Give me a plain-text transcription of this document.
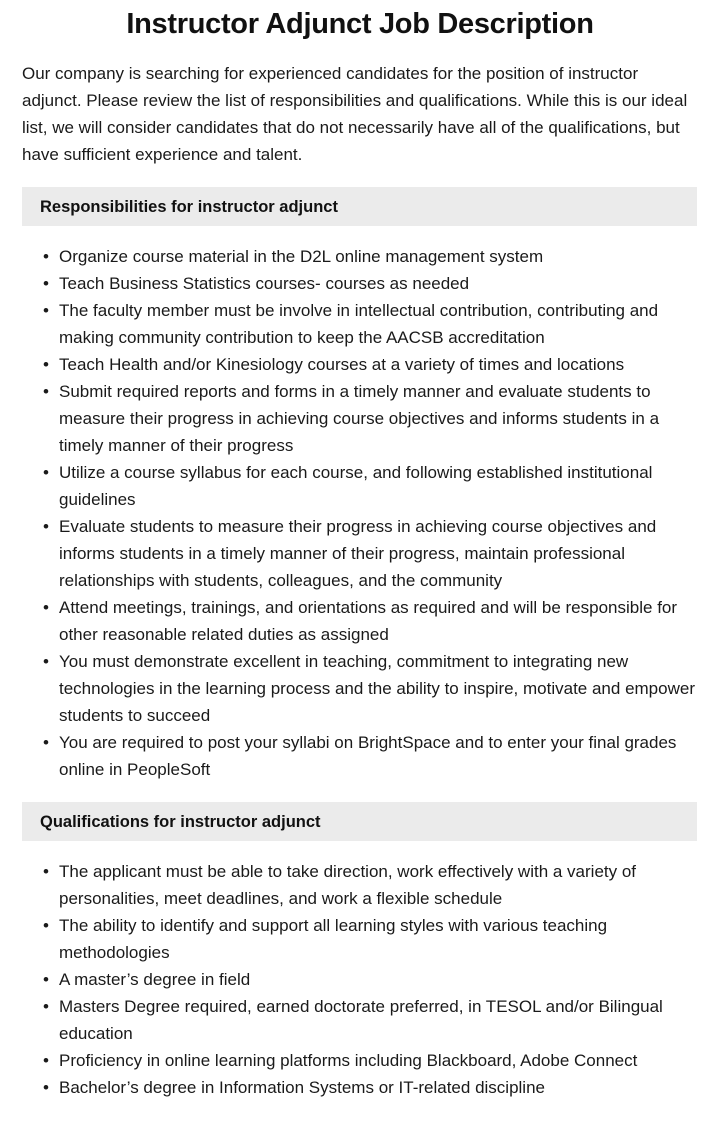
Instructor Adjunct Job Description

Our company is searching for experienced candidates for the position of instructor adjunct. Please review the list of responsibilities and qualifications. While this is our ideal list, we will consider candidates that do not necessarily have all of the qualifications, but have sufficient experience and talent.

Responsibilities for instructor adjunct
• Organize course material in the D2L online management system
• Teach Business Statistics courses- courses as needed
• The faculty member must be involve in intellectual contribution, contributing and making community contribution to keep the AACSB accreditation
• Teach Health and/or Kinesiology courses at a variety of times and locations
• Submit required reports and forms in a timely manner and evaluate students to measure their progress in achieving course objectives and informs students in a timely manner of their progress
• Utilize a course syllabus for each course, and following established institutional guidelines
• Evaluate students to measure their progress in achieving course objectives and informs students in a timely manner of their progress, maintain professional relationships with students, colleagues, and the community
• Attend meetings, trainings, and orientations as required and will be responsible for other reasonable related duties as assigned
• You must demonstrate excellent in teaching, commitment to integrating new technologies in the learning process and the ability to inspire, motivate and empower students to succeed
• You are required to post your syllabi on BrightSpace and to enter your final grades online in PeopleSoft
Qualifications for instructor adjunct
• The applicant must be able to take direction, work effectively with a variety of personalities, meet deadlines, and work a flexible schedule
• The ability to identify and support all learning styles with various teaching methodologies
• A master’s degree in field
• Masters Degree required, earned doctorate preferred, in TESOL and/or Bilingual education
• Proficiency in online learning platforms including Blackboard, Adobe Connect
• Bachelor’s degree in Information Systems or IT-related discipline
